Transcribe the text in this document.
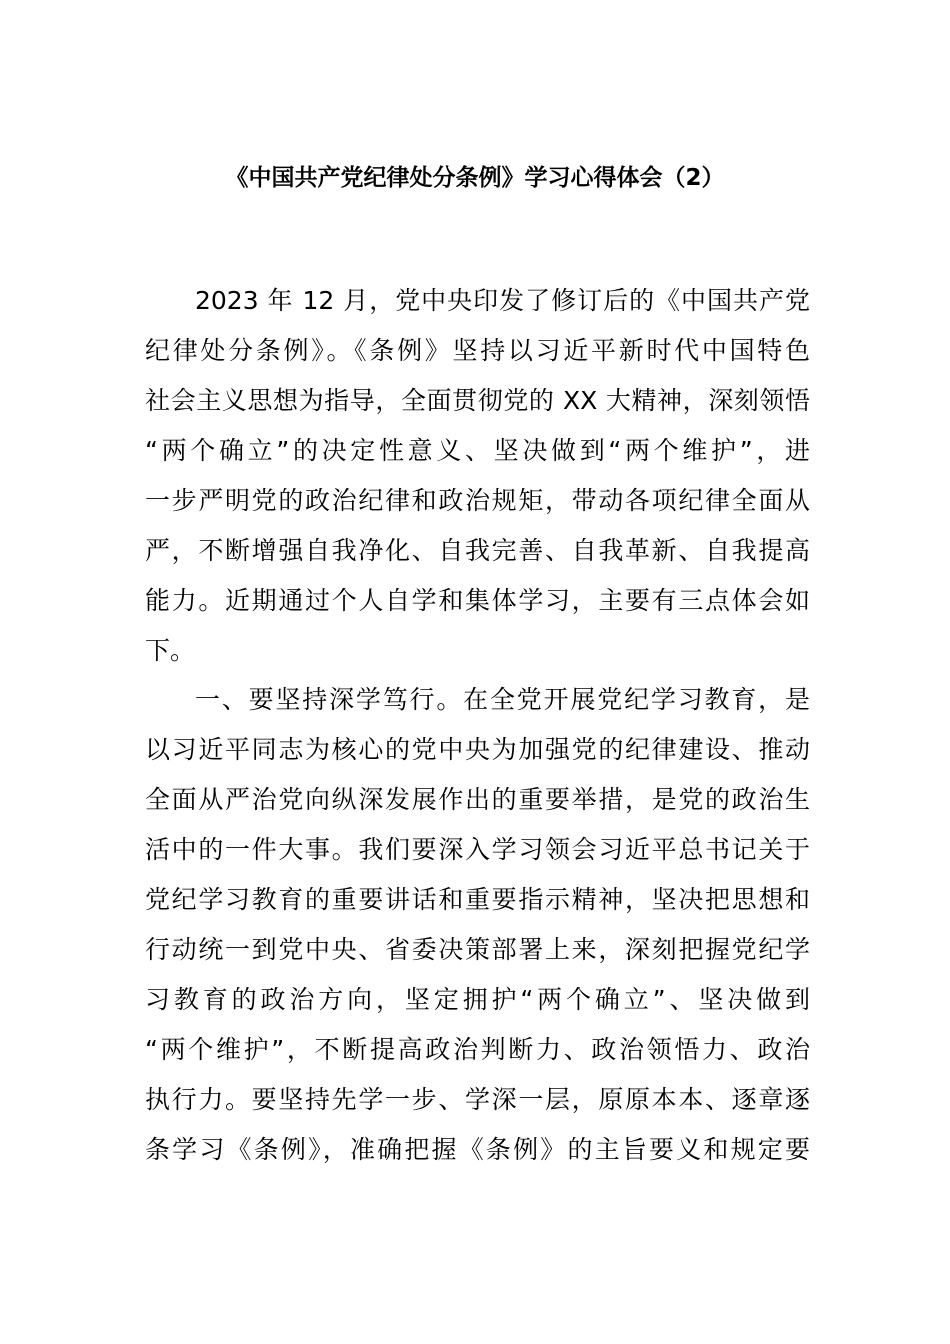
《中国共产党纪律处分条例》学习心得体会（2）
2023 年 12 月，党中央印发了修订后的《中国共产党
纪律处分条例》。《条例》坚持以习近平新时代中国特色
社会主义思想为指导，全面贯彻党的 XX 大精神，深刻领悟
“两个确立”的决定性意义、坚决做到“两个维护”，进
一步严明党的政治纪律和政治规矩，带动各项纪律全面从
严，不断增强自我净化、自我完善、自我革新、自我提高
能力。近期通过个人自学和集体学习，主要有三点体会如
下。
一、要坚持深学笃行。在全党开展党纪学习教育，是
以习近平同志为核心的党中央为加强党的纪律建设、推动
全面从严治党向纵深发展作出的重要举措，是党的政治生
活中的一件大事。我们要深入学习领会习近平总书记关于
党纪学习教育的重要讲话和重要指示精神，坚决把思想和
行动统一到党中央、省委决策部署上来，深刻把握党纪学
习教育的政治方向，坚定拥护“两个确立”、坚决做到
“两个维护”，不断提高政治判断力、政治领悟力、政治
执行力。要坚持先学一步、学深一层，原原本本、逐章逐
条学习《条例》，准确把握《条例》的主旨要义和规定要
